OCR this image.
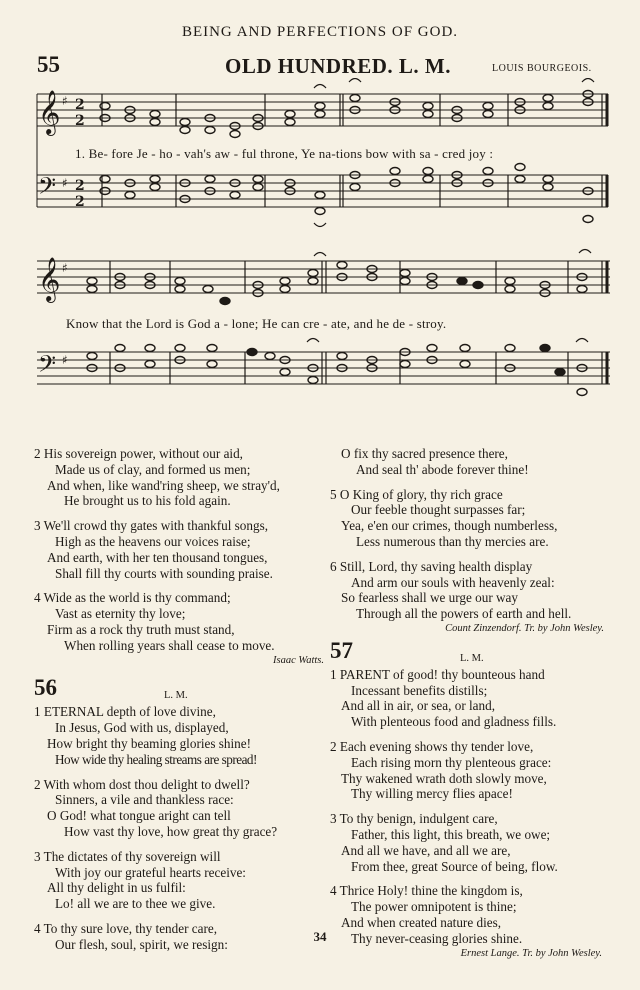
BEING AND PERFECTIONS OF GOD.
55	OLD HUNDRED. L. M.	LOUIS BOURGEOIS.
𝄞
𝄢
♯
♯
2
2
2
2
𝄞
𝄢
♯
♯
1. Be- fore Je - ho - vah's aw - ful throne, Ye na-tions bow with sa - cred joy :
Know that the Lord is God a - lone; He can cre - ate, and he de - stroy.
2 His sovereign power, without our aid,
Made us of clay, and formed us men;
And when, like wand'ring sheep, we stray'd,
He brought us to his fold again.
3 We'll crowd thy gates with thankful songs,
High as the heavens our voices raise;
And earth, with her ten thousand tongues,
Shall fill thy courts with sounding praise.
4 Wide as the world is thy command;
Vast as eternity thy love;
Firm as a rock thy truth must stand,
When rolling years shall cease to move.
Isaac Watts.
56	L. M.
1 ETERNAL depth of love divine,
In Jesus, God with us, displayed,
How bright thy beaming glories shine!
How wide thy healing streams are spread!
2 With whom dost thou delight to dwell?
Sinners, a vile and thankless race:
O God! what tongue aright can tell
How vast thy love, how great thy grace?
3 The dictates of thy sovereign will
With joy our grateful hearts receive:
All thy delight in us fulfil:
Lo! all we are to thee we give.
4 To thy sure love, thy tender care,
Our flesh, soul, spirit, we resign:
O fix thy sacred presence there,
And seal th' abode forever thine!
5 O King of glory, thy rich grace
Our feeble thought surpasses far;
Yea, e'en our crimes, though numberless,
Less numerous than thy mercies are.
6 Still, Lord, thy saving health display
And arm our souls with heavenly zeal:
So fearless shall we urge our way
Through all the powers of earth and hell.
Count Zinzendorf. Tr. by John Wesley.
57	L. M.
1 PARENT of good! thy bounteous hand
Incessant benefits distills;
And all in air, or sea, or land,
With plenteous food and gladness fills.
2 Each evening shows thy tender love,
Each rising morn thy plenteous grace:
Thy wakened wrath doth slowly move,
Thy willing mercy flies apace!
3 To thy benign, indulgent care,
Father, this light, this breath, we owe;
And all we have, and all we are,
From thee, great Source of being, flow.
4 Thrice Holy! thine the kingdom is,
The power omnipotent is thine;
And when created nature dies,
Thy never-ceasing glories shine.
Ernest Lange. Tr. by John Wesley.
34
